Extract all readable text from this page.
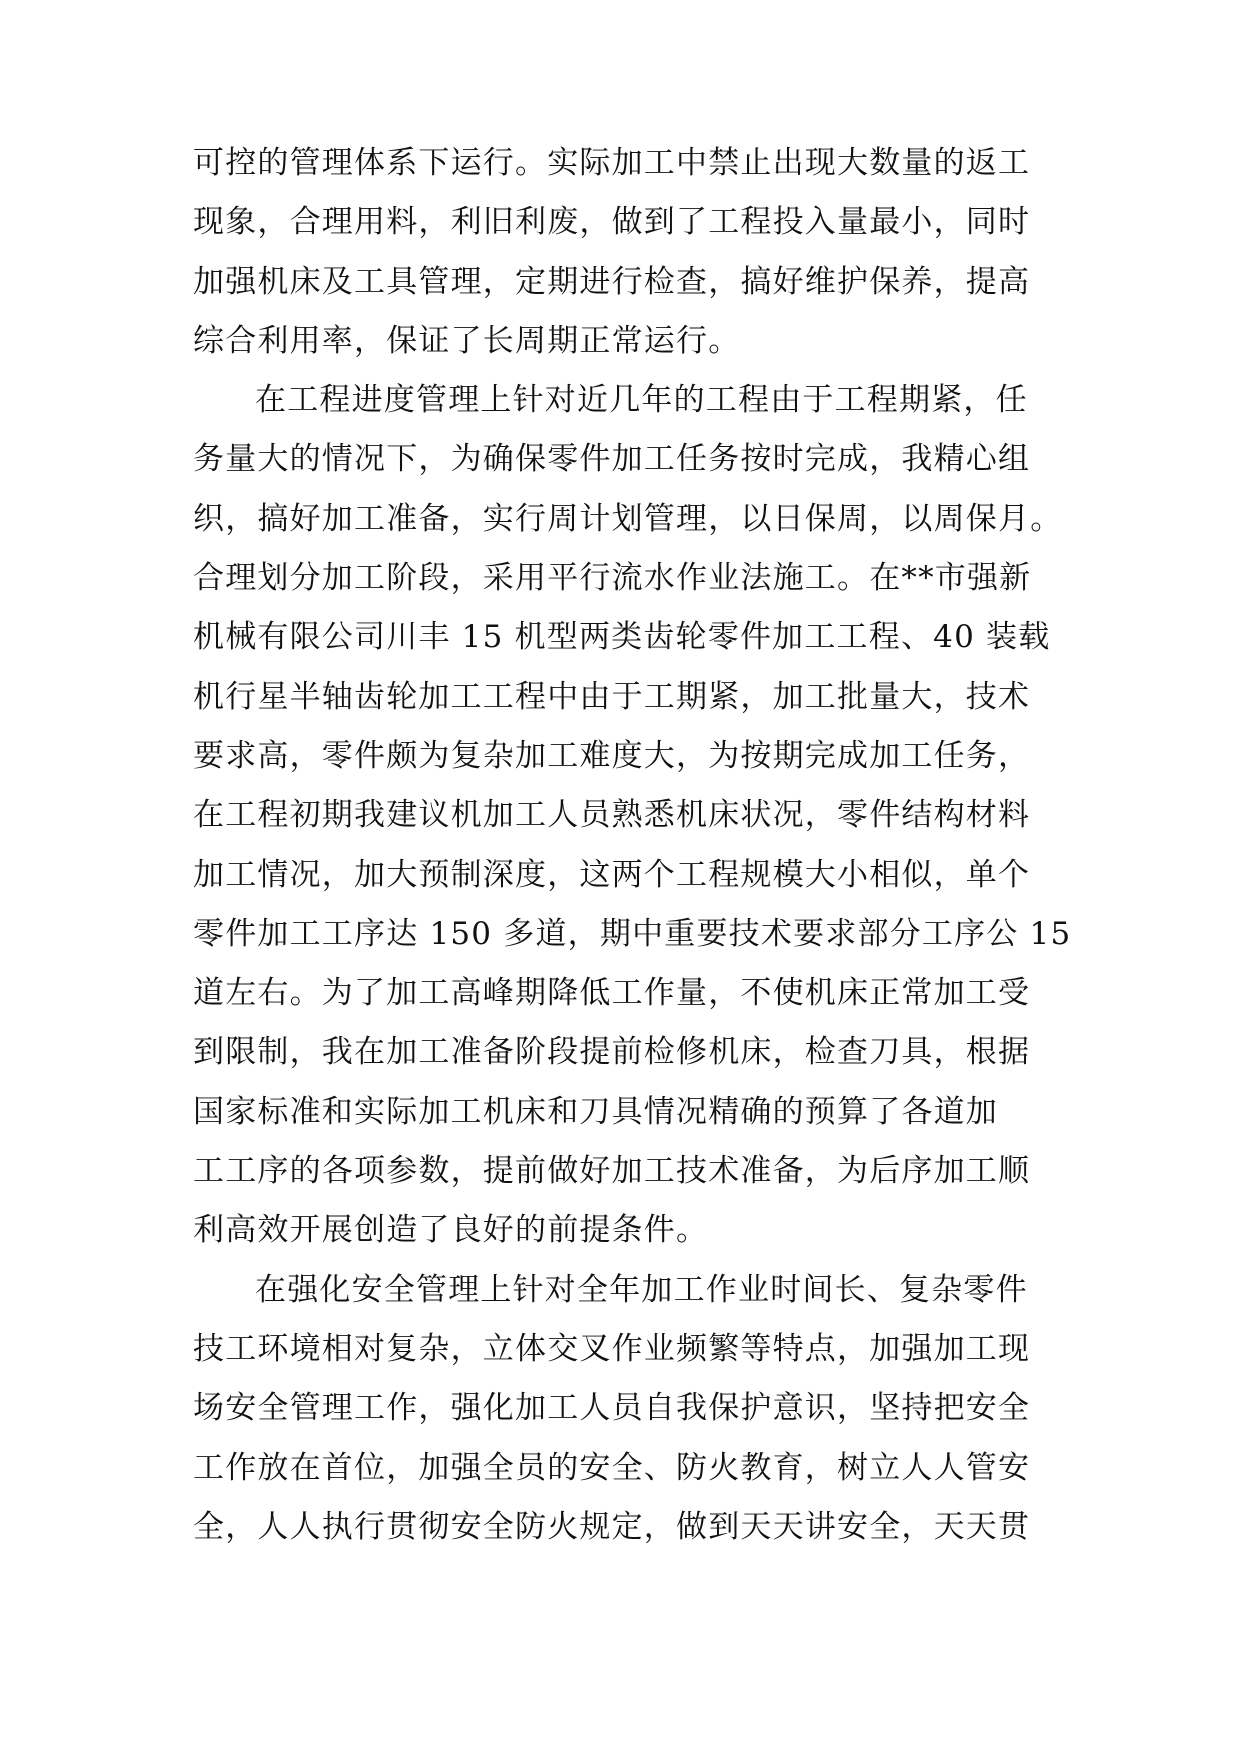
可控的管理体系下运行。实际加工中禁止出现大数量的返工
现象，合理用料，利旧利废，做到了工程投入量最小，同时
加强机床及工具管理，定期进行检查，搞好维护保养，提高
综合利用率，保证了长周期正常运行。
在工程进度管理上针对近几年的工程由于工程期紧，任
务量大的情况下，为确保零件加工任务按时完成，我精心组
织，搞好加工准备，实行周计划管理，以日保周，以周保月。
合理划分加工阶段，采用平行流水作业法施工。在**市强新
机械有限公司川丰 15 机型两类齿轮零件加工工程、40 装载
机行星半轴齿轮加工工程中由于工期紧，加工批量大，技术
要求高，零件颇为复杂加工难度大，为按期完成加工任务，
在工程初期我建议机加工人员熟悉机床状况，零件结构材料
加工情况，加大预制深度，这两个工程规模大小相似，单个
零件加工工序达 150 多道，期中重要技术要求部分工序公 15
道左右。为了加工高峰期降低工作量，不使机床正常加工受
到限制，我在加工准备阶段提前检修机床，检查刀具，根据
国家标准和实际加工机床和刀具情况精确的预算了各道加
工工序的各项参数，提前做好加工技术准备，为后序加工顺
利高效开展创造了良好的前提条件。
在强化安全管理上针对全年加工作业时间长、复杂零件
技工环境相对复杂，立体交叉作业频繁等特点，加强加工现
场安全管理工作，强化加工人员自我保护意识，坚持把安全
工作放在首位，加强全员的安全、防火教育，树立人人管安
全，人人执行贯彻安全防火规定，做到天天讲安全，天天贯
